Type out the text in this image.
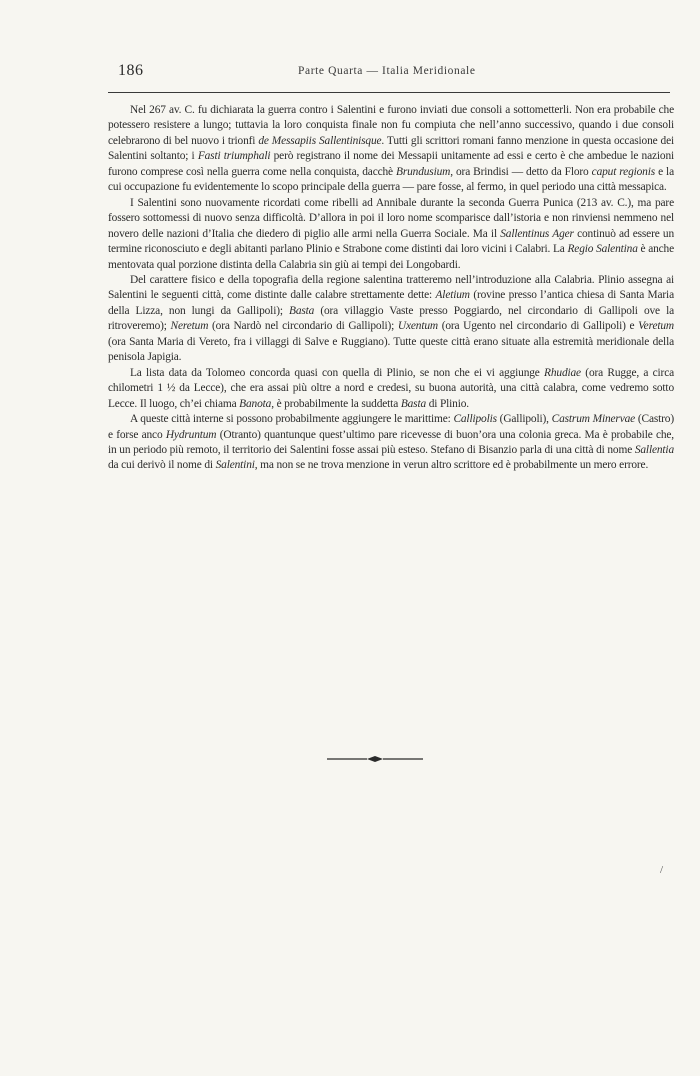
186	Parte Quarta — Italia Meridionale

Nel 267 av. C. fu dichiarata la guerra contro i Salentini e furono inviati due consoli a sottometterli. Non era probabile che potessero resistere a lungo; tuttavia la loro conquista finale non fu compiuta che nell’anno successivo, quando i due consoli celebrarono di bel nuovo i trionfi de Messapiis Sallentinisque. Tutti gli scrittori romani fanno menzione in questa occasione dei Salentini soltanto; i Fasti triumphali però registrano il nome dei Messapii unitamente ad essi e certo è che ambedue le nazioni furono comprese così nella guerra come nella conquista, dacchè Brundusium, ora Brindisi — detto da Floro caput regionis e la cui occupazione fu evidentemente lo scopo principale della guerra — pare fosse, al fermo, in quel periodo una città messapica.

I Salentini sono nuovamente ricordati come ribelli ad Annibale durante la seconda Guerra Punica (213 av. C.), ma pare fossero sottomessi di nuovo senza difficoltà. D’allora in poi il loro nome scomparisce dall’istoria e non rinviensi nemmeno nel novero delle nazioni d’Italia che diedero di piglio alle armi nella Guerra Sociale. Ma il Sallentinus Ager continuò ad essere un termine riconosciuto e degli abitanti parlano Plinio e Strabone come distinti dai loro vicini i Calabri. La Regio Salentina è anche mentovata qual porzione distinta della Calabria sin giù ai tempi dei Longobardi.

Del carattere fisico e della topografia della regione salentina tratteremo nell’introduzione alla Calabria. Plinio assegna ai Salentini le seguenti città, come distinte dalle calabre strettamente dette: Aletium (rovine presso l’antica chiesa di Santa Maria della Lizza, non lungi da Gallipoli); Basta (ora villaggio Vaste presso Poggiardo, nel circondario di Gallipoli ove la ritroveremo); Neretum (ora Nardò nel circondario di Gallipoli); Uxentum (ora Ugento nel circondario di Gallipoli) e Veretum (ora Santa Maria di Vereto, fra i villaggi di Salve e Ruggiano). Tutte queste città erano situate alla estremità meridionale della penisola Japigia.

La lista data da Tolomeo concorda quasi con quella di Plinio, se non che ei vi aggiunge Rhudiae (ora Rugge, a circa chilometri 1 ½ da Lecce), che era assai più oltre a nord e credesi, su buona autorità, una città calabra, come vedremo sotto Lecce. Il luogo, ch’ei chiama Banota, è probabilmente la suddetta Basta di Plinio.

A queste città interne si possono probabilmente aggiungere le marittime: Callipolis (Gallipoli), Castrum Minervae (Castro) e forse anco Hydruntum (Otranto) quantunque quest’ultimo pare ricevesse di buon’ora una colonia greca. Ma è probabile che, in un periodo più remoto, il territorio dei Salentini fosse assai più esteso. Stefano di Bisanzio parla di una città di nome Sallentia da cui derivò il nome di Salentini, ma non se ne trova menzione in verun altro scrittore ed è probabilmente un mero errore.

/
